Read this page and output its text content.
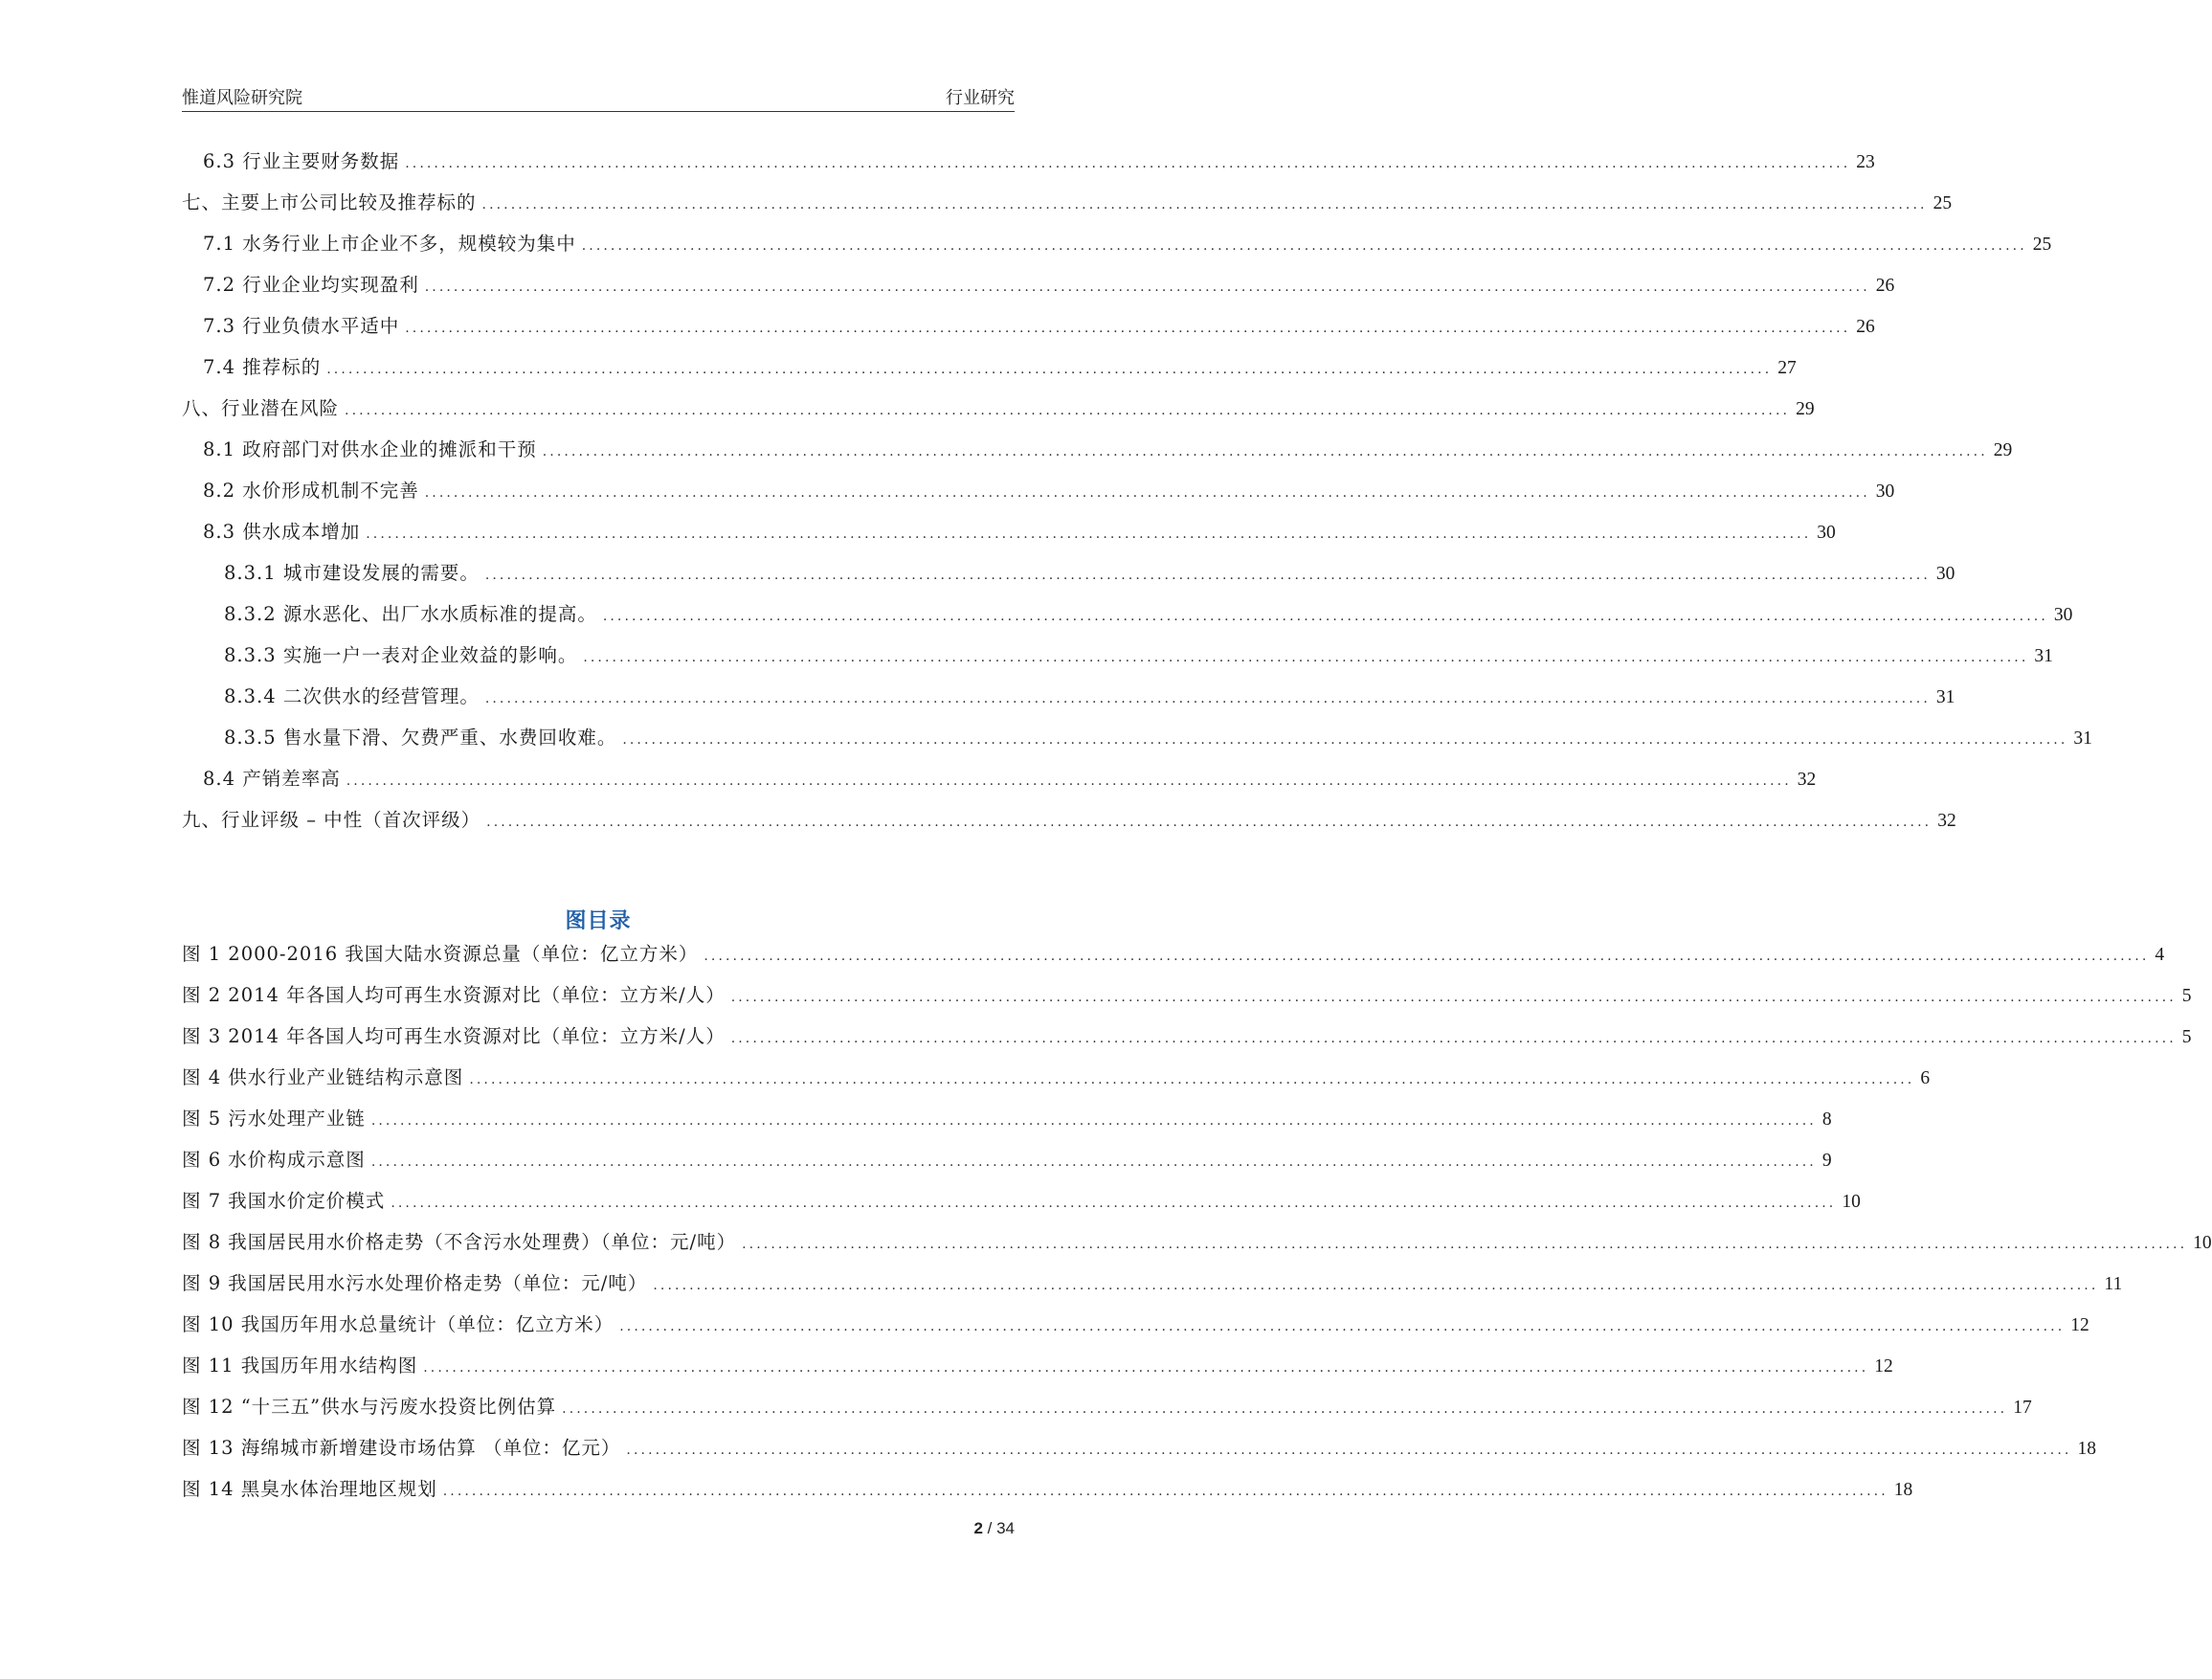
惟道风险研究院	行业研究
6.3 行业主要财务数据 ........................................................................................................................................................................................................ 23
七、主要上市公司比较及推荐标的 ........................................................................................................................................................................................................ 25
7.1 水务行业上市企业不多，规模较为集中 ........................................................................................................................................................................................................ 25
7.2 行业企业均实现盈利 ........................................................................................................................................................................................................ 26
7.3 行业负债水平适中 ........................................................................................................................................................................................................ 26
7.4 推荐标的 ........................................................................................................................................................................................................ 27
八、行业潜在风险 ........................................................................................................................................................................................................ 29
8.1 政府部门对供水企业的摊派和干预 ........................................................................................................................................................................................................ 29
8.2 水价形成机制不完善 ........................................................................................................................................................................................................ 30
8.3 供水成本增加 ........................................................................................................................................................................................................ 30
8.3.1 城市建设发展的需要。 ........................................................................................................................................................................................................ 30
8.3.2 源水恶化、出厂水水质标准的提高。 ........................................................................................................................................................................................................ 30
8.3.3 实施一户一表对企业效益的影响。 ........................................................................................................................................................................................................ 31
8.3.4 二次供水的经营管理。 ........................................................................................................................................................................................................ 31
8.3.5 售水量下滑、欠费严重、水费回收难。 ........................................................................................................................................................................................................ 31
8.4 产销差率高 ........................................................................................................................................................................................................ 32
九、行业评级 – 中性（首次评级） ........................................................................................................................................................................................................ 32
图目录
图 1 2000-2016 我国大陆水资源总量（单位：亿立方米） ........................................................................................................................................................................................................ 4
图 2 2014 年各国人均可再生水资源对比（单位：立方米/人） ........................................................................................................................................................................................................ 5
图 3 2014 年各国人均可再生水资源对比（单位：立方米/人） ........................................................................................................................................................................................................ 5
图 4 供水行业产业链结构示意图 ........................................................................................................................................................................................................ 6
图 5 污水处理产业链 ........................................................................................................................................................................................................ 8
图 6 水价构成示意图 ........................................................................................................................................................................................................ 9
图 7 我国水价定价模式 ........................................................................................................................................................................................................ 10
图 8 我国居民用水价格走势（不含污水处理费）（单位：元/吨） ........................................................................................................................................................................................................ 10
图 9 我国居民用水污水处理价格走势（单位：元/吨） ........................................................................................................................................................................................................ 11
图 10 我国历年用水总量统计（单位：亿立方米） ........................................................................................................................................................................................................ 12
图 11 我国历年用水结构图 ........................................................................................................................................................................................................ 12
图 12 “十三五”供水与污废水投资比例估算 ........................................................................................................................................................................................................ 17
图 13 海绵城市新增建设市场估算 （单位：亿元） ........................................................................................................................................................................................................ 18
图 14 黑臭水体治理地区规划 ........................................................................................................................................................................................................ 18
2 / 34
